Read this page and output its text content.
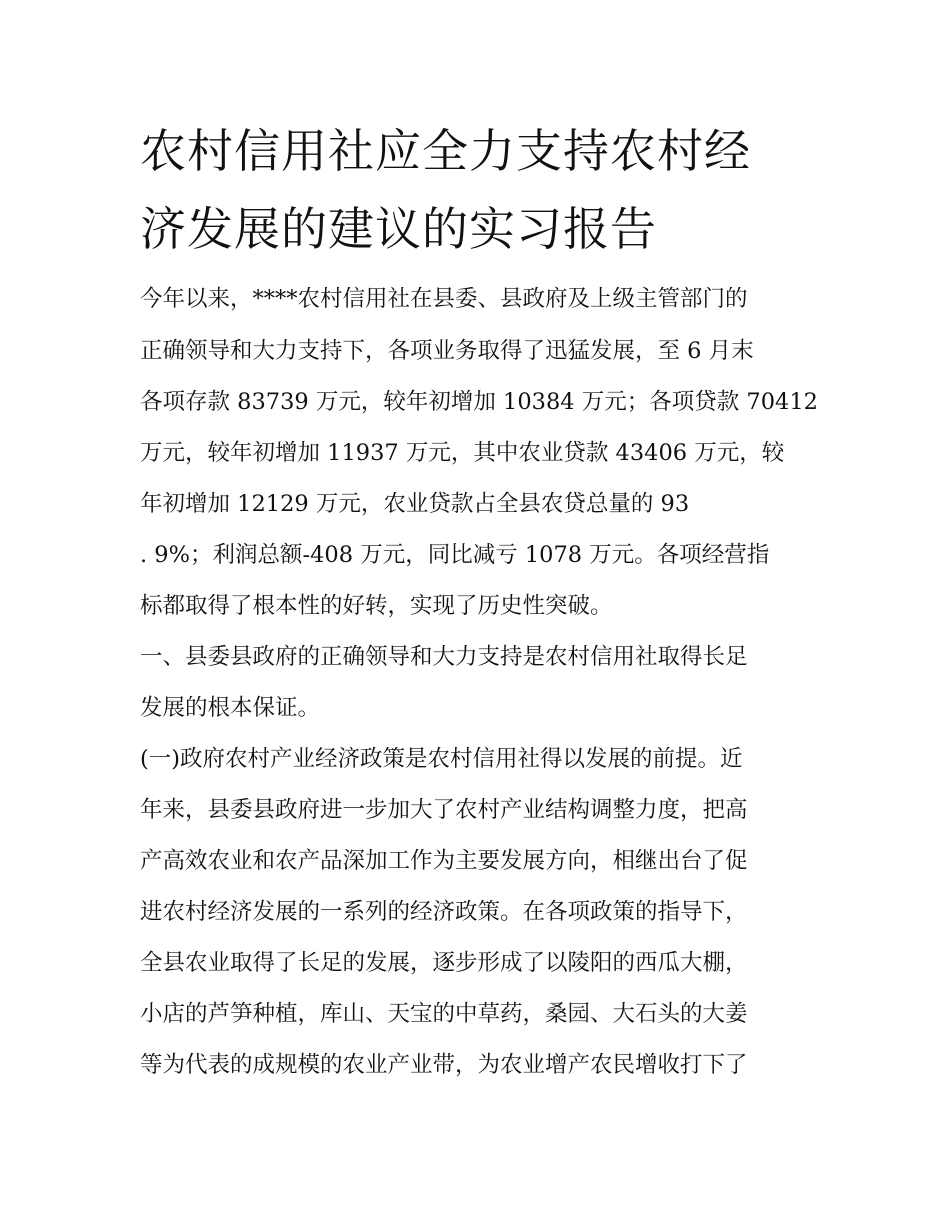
农村信用社应全力支持农村经
济发展的建议的实习报告

今年以来，****农村信用社在县委、县政府及上级主管部门的

正确领导和大力支持下，各项业务取得了迅猛发展，至 6 月末

各项存款 83739 万元，较年初增加 10384 万元；各项贷款 70412

万元，较年初增加 11937 万元，其中农业贷款 43406 万元，较

年初增加 12129 万元，农业贷款占全县农贷总量的 93

. 9%；利润总额-408 万元，同比减亏 1078 万元。各项经营指

标都取得了根本性的好转，实现了历史性突破。

一、县委县政府的正确领导和大力支持是农村信用社取得长足

发展的根本保证。

(一)政府农村产业经济政策是农村信用社得以发展的前提。近

年来，县委县政府进一步加大了农村产业结构调整力度，把高

产高效农业和农产品深加工作为主要发展方向，相继出台了促

进农村经济发展的一系列的经济政策。在各项政策的指导下，

全县农业取得了长足的发展，逐步形成了以陵阳的西瓜大棚，

小店的芦笋种植，库山、天宝的中草药，桑园、大石头的大姜

等为代表的成规模的农业产业带，为农业增产农民增收打下了
